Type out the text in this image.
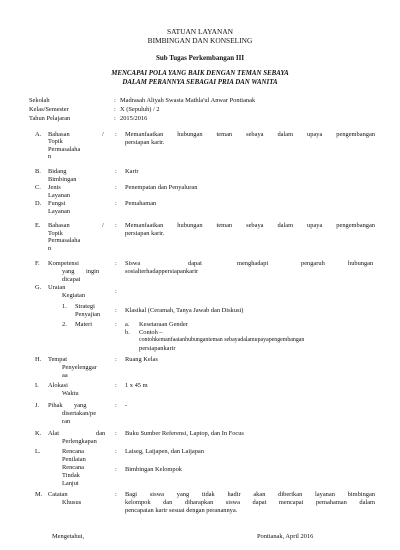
SATUAN LAYANAN
BIMBINGAN DAN KONSELING
Sub Tugas Perkembangan III
MENCAPAI POLA YANG BAIK DENGAN TEMAN SEBAYA
DALAM PERANNYA SEBAGAI PRIA DAN WANITA
Sekolah	: Madrasah Aliyah Swasta Mathla'ul Anwar Pontianak
Kelas/Semester	: X (Sepuluh) / 2
Tahun Pelajaran	: 2015/2016
A. Bahasan	/
Topik
Permasalaha
n
: Memanfaatkan hubungan teman sebaya dalam upaya pengembangan
persiapan karir.
B. Bidang
Bimbingan
: Karir
C. Jenis
Layanan
: Penempatan dan Penyaluran
D. Fungsi
Layanan
: Pemahaman
E. Bahasan	/
Topik
Permasalaha
n
: Memanfaatkan hubungan teman sebaya dalam upaya pengembangan
persiapan karir.
F. Kompetensi
yang ingin
dicapai
: Siswa	dapat	menghadapi	pengaruh	hubungan
sosialterhadappersiapankarir
G. Uraian
Kegiatan
:
1. Strategi
Penyajian
: Klasikal (Ceramah, Tanya Jawab dan Diskusi)
2. Materi	: a. Kesetaraan Gender
b. Contoh –
contohkemanfaatanhubunganteman sebayadalamupayapengembangan
persiapankarir
H. Tempat
Penyelenggar
aa
: Ruang Kelas
I. Alokasi
Waktu
: 1 x 45 m
J. Pihak yang
disertakan/pe
ran
: -
K. Alat	dan
Perlengkapan
: Buku Sumber Referensi, Laptop, dan In Focus
L.	Rencana
Penilaian
: Laiseg, Laijapen, dan Laijapan
Rencana
Tindak
Lanjut
: Bimbingan Kelompok
M. Catatan
Khusus
: Bagi siswa yang tidak hadir akan diberikan layanan bimbingan
kelompok dan diharapkan siswa dapat mencapai pemahaman dalam
pencapaian karir sesuai dengan peranannya.
Mengetahui,	Pontianak, April 2016
